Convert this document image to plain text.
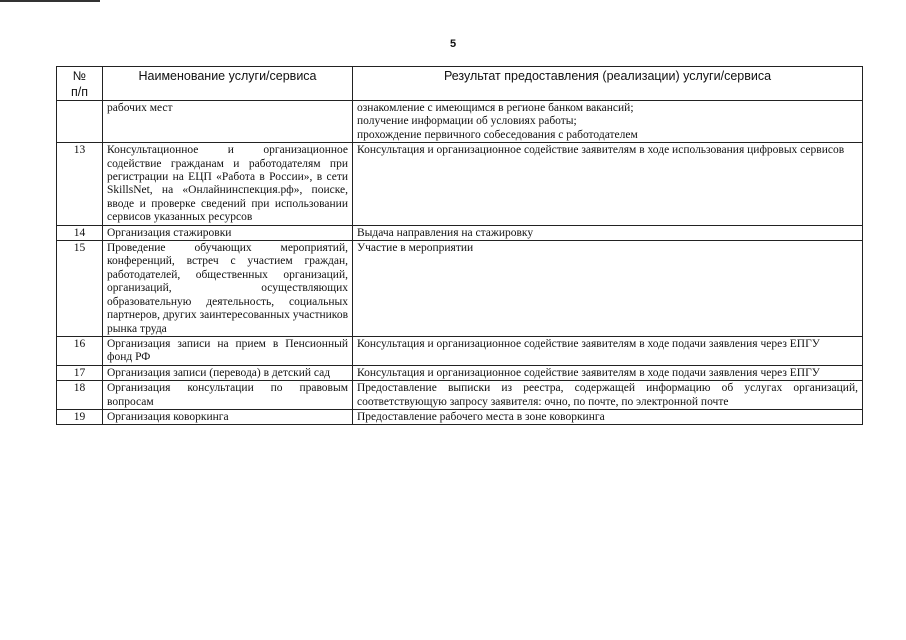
5
№
п/п	Наименование услуги/сервиса	Результат предоставления (реализации) услуги/сервиса
	рабочих мест	ознакомление с имеющимся в регионе банком вакансий;
получение информации об условиях работы;
прохождение первичного собеседования с работодателем

13	Консультационное и организационное содействие гражданам и работодателям при регистрации на ЕЦП «Работа в России», в сети SkillsNet, на «Онлайнинспекция.рф», поиске, вводе и проверке сведений при использовании сервисов указанных ресурсов	Консультация и организационное содействие заявителям в ходе использования цифровых сервисов
14	Организация стажировки	Выдача направления на стажировку
15	Проведение обучающих мероприятий, конференций, встреч с участием граждан, работодателей, общественных организаций, организаций, осуществляющих образовательную деятельность, социальных партнеров, других заинтересованных участников рынка труда	Участие в мероприятии
16	Организация записи на прием в Пенсионный фонд РФ	Консультация и организационное содействие заявителям в ходе подачи заявления через ЕПГУ
17	Организация записи (перевода) в детский сад	Консультация и организационное содействие заявителям в ходе подачи заявления через ЕПГУ
18	Организация консультации по правовым вопросам	Предоставление выписки из реестра, содержащей информацию об услугах организаций, соответствующую запросу заявителя: очно, по почте, по электронной почте
19	Организация коворкинга	Предоставление рабочего места в зоне коворкинга
